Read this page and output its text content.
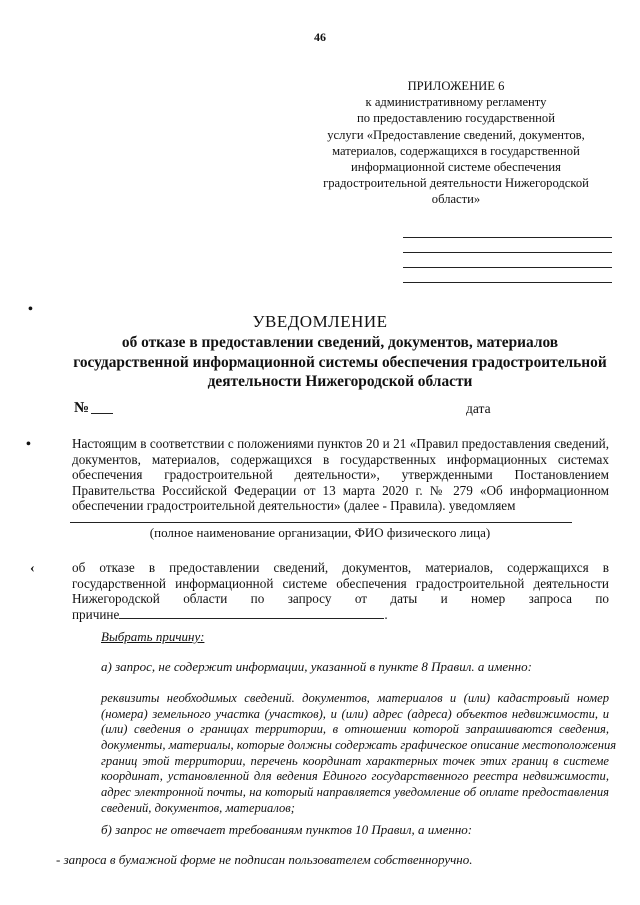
46
ПРИЛОЖЕНИЕ 6
к административному регламенту
по предоставлению государственной
услуги «Предоставление сведений, документов,
материалов, содержащихся в государственной
информационной системе обеспечения
градостроительной деятельности Нижегородской
области»
•
•
‹
УВЕДОМЛЕНИЕ
об отказе в предоставлении сведений, документов, материалов
государственной информационной системы обеспечения градостроительной
деятельности Нижегородской области
№	дата
Настоящим в соответствии с положениями пунктов 20 и 21 «Правил предоставления сведений,
документов, материалов, содержащихся в государственных информационных системах
обеспечения градостроительной деятельности», утвержденными Постановлением
Правительства Российской Федерации от 13 марта 2020 г. № 279 «Об информационном
обеспечении градостроительной деятельности» (далее - Правила). уведомляем
(полное наименование организации, ФИО физического лица)
об отказе в предоставлении сведений, документов, материалов, содержащихся в
государственной информационной системе обеспечения градостроительной деятельности
Нижегородской области по запросу от даты и номер запроса по
причине	.
Выбрать причину:
а) запрос, не содержит информации, указанной в пункте 8 Правил. а именно:
реквизиты необходимых сведений. документов, материалов и (или) кадастровый номер
(номера) земельного участка (участков), и (или) адрес (адреса) объектов недвижимости, и
(или) сведения о границах территории, в отношении которой запрашиваются сведения,
документы, материалы, которые должны содержать графическое описание местоположения
границ этой территории, перечень координат характерных точек этих границ в системе
координат, установленной для ведения Единого государственного реестра недвижимости,
адрес электронной почты, на который направляется уведомление об оплате предоставления
сведений, документов, материалов;
б) запрос не отвечает требованиям пунктов 10 Правил, а именно:
- запроса в бумажной форме не подписан пользователем собственноручно.
